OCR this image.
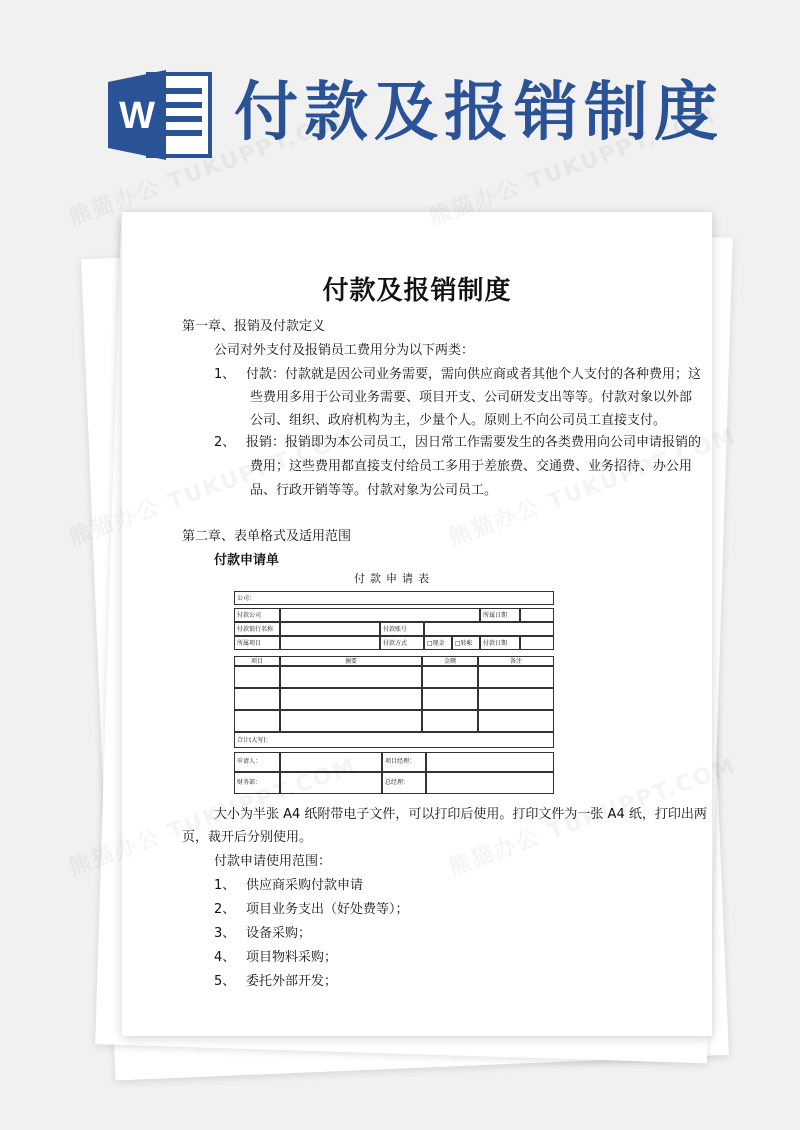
W 付款及报销制度
付款及报销制度
第一章、报销及付款定义
公司对外支付及报销员工费用分为以下两类：
1、 付款：付款就是因公司业务需要，需向供应商或者其他个人支付的各种费用；这
些费用多用于公司业务需要、项目开支、公司研发支出等等。付款对象以外部
公司、组织、政府机构为主，少量个人。原则上不向公司员工直接支付。
2、 报销：报销即为本公司员工，因日常工作需要发生的各类费用向公司申请报销的
费用；这些费用都直接支付给员工多用于差旅费、交通费、业务招待、办公用
品、行政开销等等。付款对象为公司员工。
第二章、表单格式及适用范围
付款申请单
付款申请表
公司：
付款公司	所属日期
付款银行名称	付款账号
所属项目	付款方式	□现金	□转帐	付款日期
项目	摘要	金额	备注
合计(大写)：
申请人：	项目经理：
财务部：	总经理：
大小为半张 A4 纸附带电子文件，可以打印后使用。打印文件为一张 A4 纸，打印出两
页，裁开后分别使用。
付款申请使用范围：
1、 供应商采购付款申请
2、 项目业务支出（好处费等）；
3、 设备采购；
4、 项目物料采购；
5、 委托外部开发；
